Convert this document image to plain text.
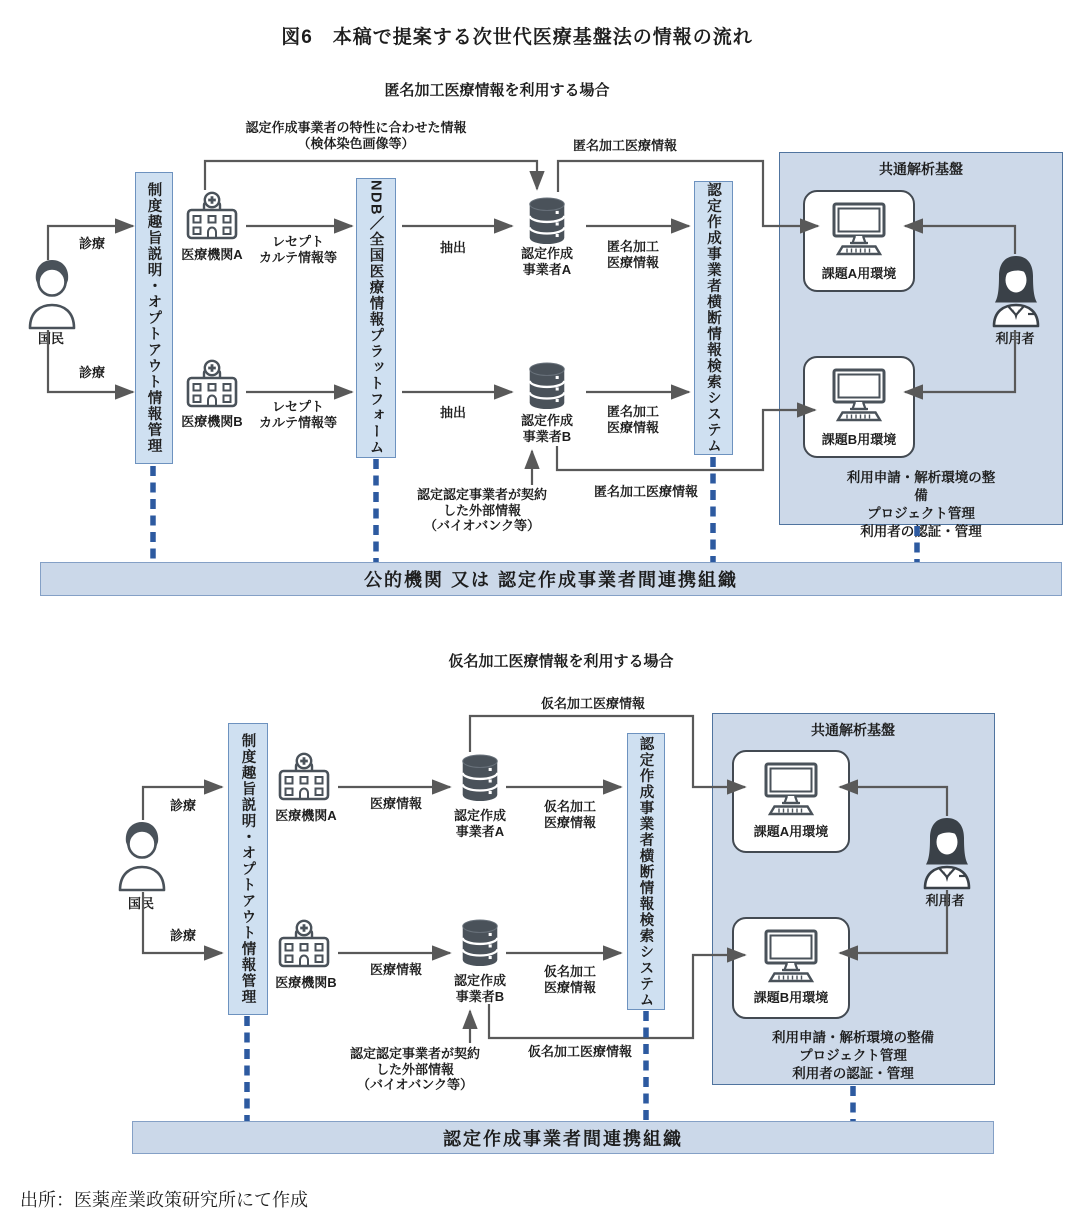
図6　本稿で提案する次世代医療基盤法の情報の流れ
匿名加工医療情報を利用する場合
国民
診療
診療	制度趣旨説明・オプトアウト情報管理 医療機関A
医療機関B
レセプト
カルテ情報等
レセプト
カルテ情報等 NDB／全国医療情報プラットフォーム	抽出
抽出
認定作成
事業者A
認定作成
事業者B
匿名加工
医療情報
匿名加工
医療情報	認定作成事業者横断情報検索システム
認定作成事業者の特性に合わせた情報
（検体染色画像等）	匿名加工医療情報
認定認定事業者が契約
した外部情報
（バイオバンク等）
匿名加工医療情報
共通解析基盤
課題A用環境
課題B用環境
利用者
利用申請・解析環境の整備
プロジェクト管理
利用者の認証・管理
公的機関 又は 認定作成事業者間連携組織
仮名加工医療情報を利用する場合
仮名加工医療情報
国民
診療
診療	制度趣旨説明・オプトアウト情報管理 医療機関A
医療機関B
医療情報
医療情報
認定作成
事業者A
認定作成
事業者B
仮名加工
医療情報
仮名加工
医療情報	認定作成事業者横断情報検索システム
認定認定事業者が契約
した外部情報
（バイオバンク等）
仮名加工医療情報
共通解析基盤
課題A用環境
課題B用環境
利用者
利用申請・解析環境の整備
プロジェクト管理
利用者の認証・管理
認定作成事業者間連携組織
出所：医薬産業政策研究所にて作成
